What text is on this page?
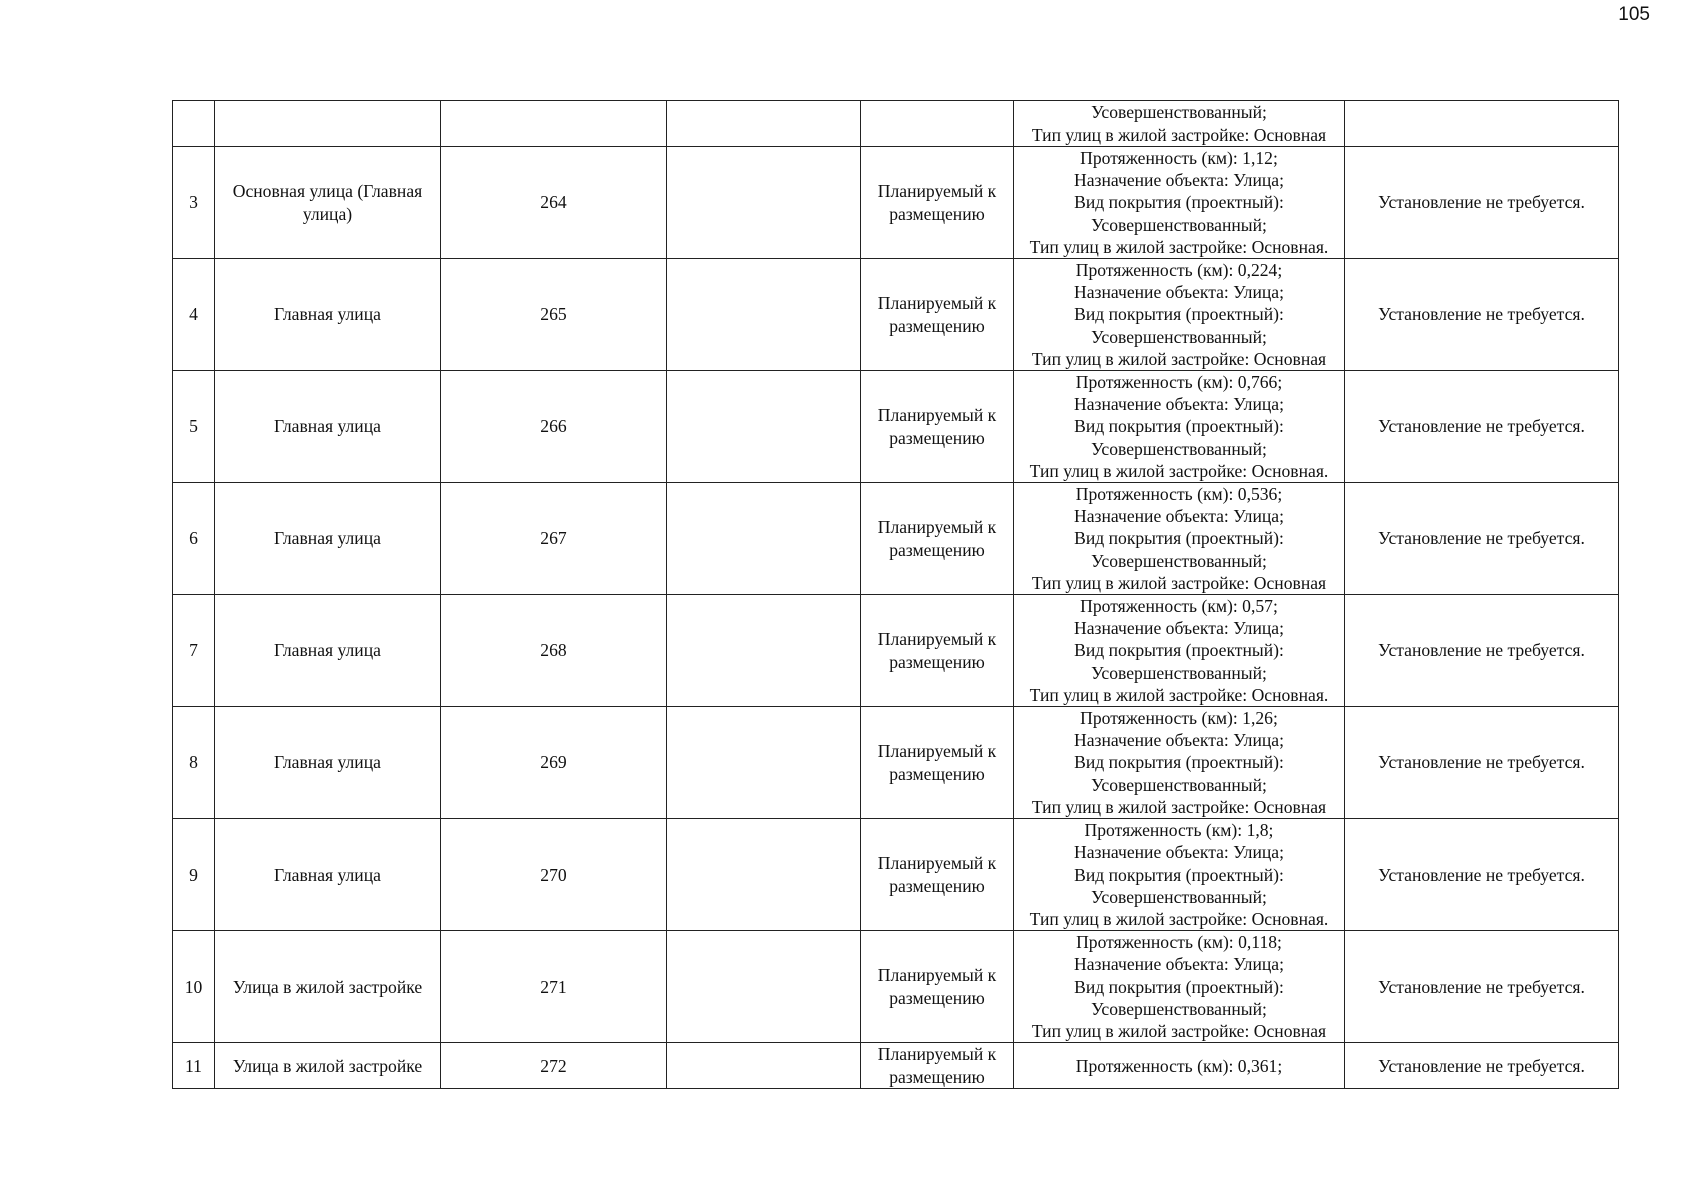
105

					Усовершенствованный;
Тип улиц в жилой застройке: Основная	

3	Основная улица (Главная улица)	264		Планируемый к размещению	Протяженность (км): 1,12;
Назначение объекта: Улица;
Вид покрытия (проектный):
Усовершенствованный;
Тип улиц в жилой застройке: Основная.	Установление не требуется.
4	Главная улица	265		Планируемый к размещению	Протяженность (км): 0,224;
Назначение объекта: Улица;
Вид покрытия (проектный):
Усовершенствованный;
Тип улиц в жилой застройке: Основная	Установление не требуется.
5	Главная улица	266		Планируемый к размещению	Протяженность (км): 0,766;
Назначение объекта: Улица;
Вид покрытия (проектный):
Усовершенствованный;
Тип улиц в жилой застройке: Основная.	Установление не требуется.
6	Главная улица	267		Планируемый к размещению	Протяженность (км): 0,536;
Назначение объекта: Улица;
Вид покрытия (проектный):
Усовершенствованный;
Тип улиц в жилой застройке: Основная	Установление не требуется.
7	Главная улица	268		Планируемый к размещению	Протяженность (км): 0,57;
Назначение объекта: Улица;
Вид покрытия (проектный):
Усовершенствованный;
Тип улиц в жилой застройке: Основная.	Установление не требуется.
8	Главная улица	269		Планируемый к размещению	Протяженность (км): 1,26;
Назначение объекта: Улица;
Вид покрытия (проектный):
Усовершенствованный;
Тип улиц в жилой застройке: Основная	Установление не требуется.
9	Главная улица	270		Планируемый к размещению	Протяженность (км): 1,8;
Назначение объекта: Улица;
Вид покрытия (проектный):
Усовершенствованный;
Тип улиц в жилой застройке: Основная.	Установление не требуется.
10	Улица в жилой застройке	271		Планируемый к размещению	Протяженность (км): 0,118;
Назначение объекта: Улица;
Вид покрытия (проектный):
Усовершенствованный;
Тип улиц в жилой застройке: Основная	Установление не требуется.
11	Улица в жилой застройке	272		Планируемый к размещению	Протяженность (км): 0,361;	Установление не требуется.
